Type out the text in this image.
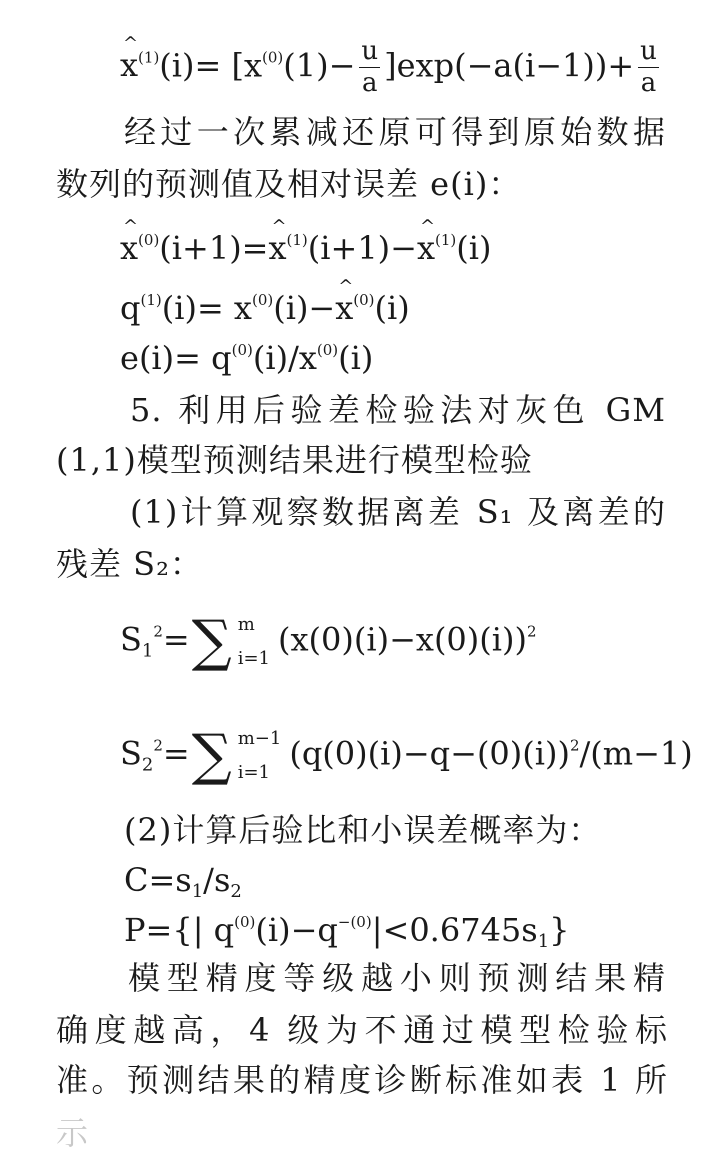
^ $x^{(1)}(i)= [x^{(0)}(1)- \frac{u}{a} ]\exp(-a(i-1))+ \frac{u}{a}$
经过一次累减还原可得到原始数据
数列的预测值及相对误差 e(i)：
^ $x^{(0)}(i+1)=\^{}$ $x^{(1)}(i+1)-\^{}$ $x^{(1)}(i)$
$q^{(1)}(i)=$ $x^{(0)}(i)-\^{}$ $x^{(0)}(i)$
$e(i)= q^{(0)}(i)/x^{(0)}(i)$
5. 利用后验差检验法对灰色 GM
(1,1)模型预测结果进行模型检验
(1)计算观察数据离差 S₁ 及离差的
残差 S₂：
$S_1^2=\sum$ m
i=1 $(x(0)(i)-x(0)(i))^2$
$S_2^2=\sum$ m−1
i=1 $(q(0)(i)-q-(0)(i))^2/(m-1)$
(2)计算后验比和小误差概率为：
$C=s_1/s_2$
P={| $q^{(0)}(i)-q^{-(0)}|<0.6745s_1$}
模型精度等级越小则预测结果精
确度越高，4 级为不通过模型检验标
准。预测结果的精度诊断标准如表 1 所
示
